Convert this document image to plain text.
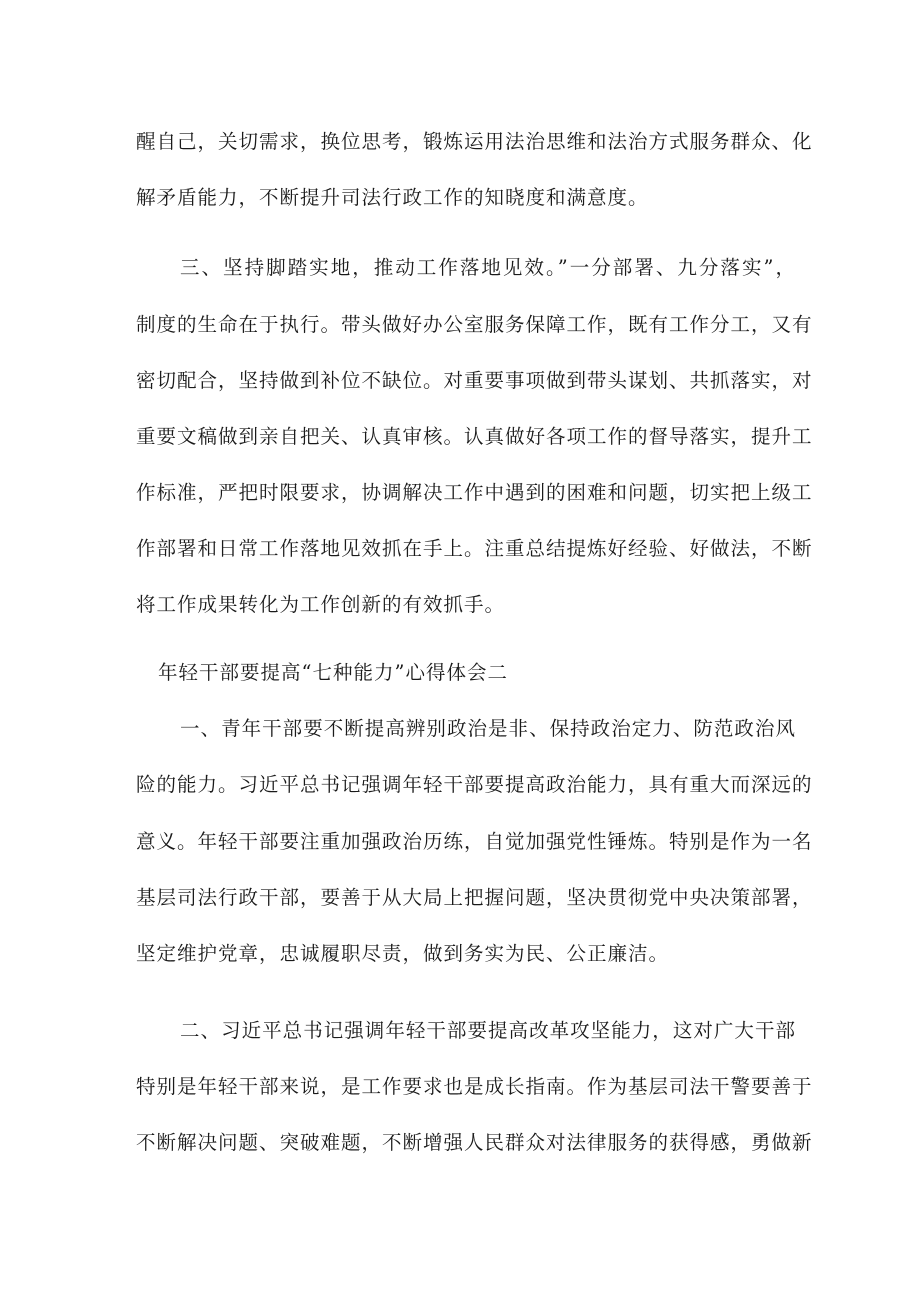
醒自己，关切需求，换位思考，锻炼运用法治思维和法治方式服务群众、化
解矛盾能力，不断提升司法行政工作的知晓度和满意度。
三、坚持脚踏实地，推动工作落地见效。”一分部署、九分落实”，
制度的生命在于执行。带头做好办公室服务保障工作，既有工作分工，又有
密切配合，坚持做到补位不缺位。对重要事项做到带头谋划、共抓落实，对
重要文稿做到亲自把关、认真审核。认真做好各项工作的督导落实，提升工
作标准，严把时限要求，协调解决工作中遇到的困难和问题，切实把上级工
作部署和日常工作落地见效抓在手上。注重总结提炼好经验、好做法，不断
将工作成果转化为工作创新的有效抓手。
年轻干部要提高“七种能力”心得体会二
一、青年干部要不断提高辨别政治是非、保持政治定力、防范政治风
险的能力。习近平总书记强调年轻干部要提高政治能力，具有重大而深远的
意义。年轻干部要注重加强政治历练，自觉加强党性锤炼。特别是作为一名
基层司法行政干部，要善于从大局上把握问题，坚决贯彻党中央决策部署，
坚定维护党章，忠诚履职尽责，做到务实为民、公正廉洁。
二、习近平总书记强调年轻干部要提高改革攻坚能力，这对广大干部
特别是年轻干部来说，是工作要求也是成长指南。作为基层司法干警要善于
不断解决问题、突破难题，不断增强人民群众对法律服务的获得感，勇做新
